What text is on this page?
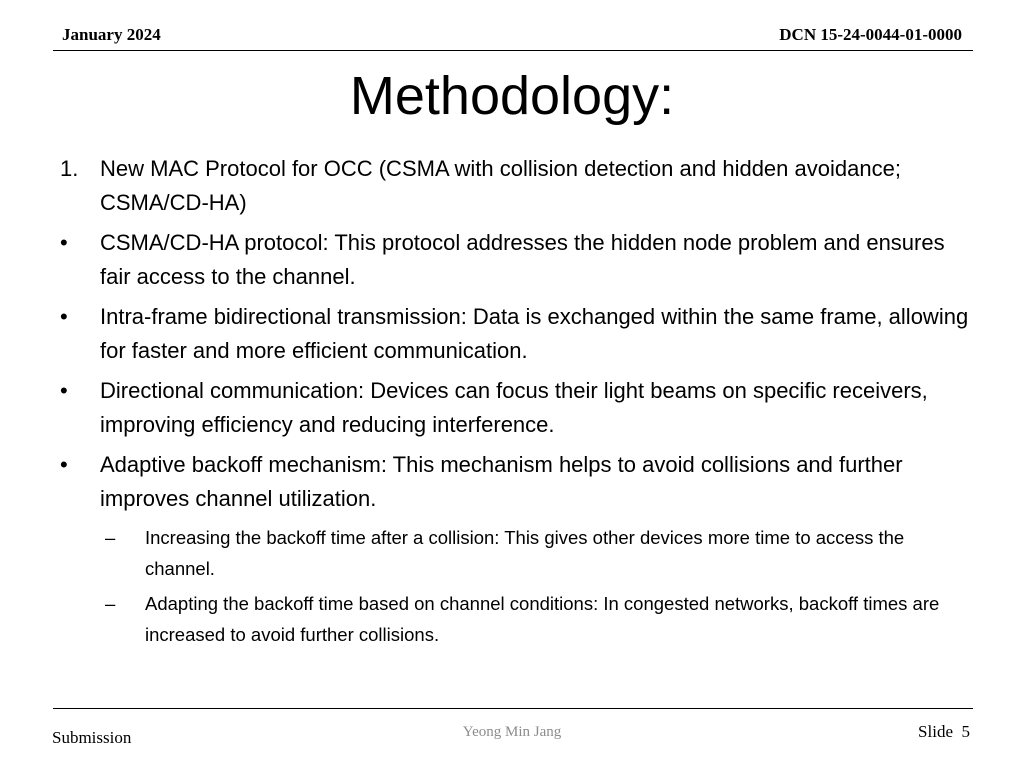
January 2024	DCN 15-24-0044-01-0000
Methodology:
1. New MAC Protocol for OCC (CSMA with collision detection and hidden avoidance; CSMA/CD-HA)
•	CSMA/CD-HA protocol: This protocol addresses the hidden node problem and ensures fair access to the channel.
•	Intra-frame bidirectional transmission: Data is exchanged within the same frame, allowing for faster and more efficient communication.
•	Directional communication: Devices can focus their light beams on specific receivers, improving efficiency and reducing interference.
•	Adaptive backoff mechanism: This mechanism helps to avoid collisions and further improves channel utilization.
–	Increasing the backoff time after a collision: This gives other devices more time to access the channel.
–	Adapting the backoff time based on channel conditions: In congested networks, backoff times are increased to avoid further collisions.
Submission	Yeong Min Jang	Slide 5
